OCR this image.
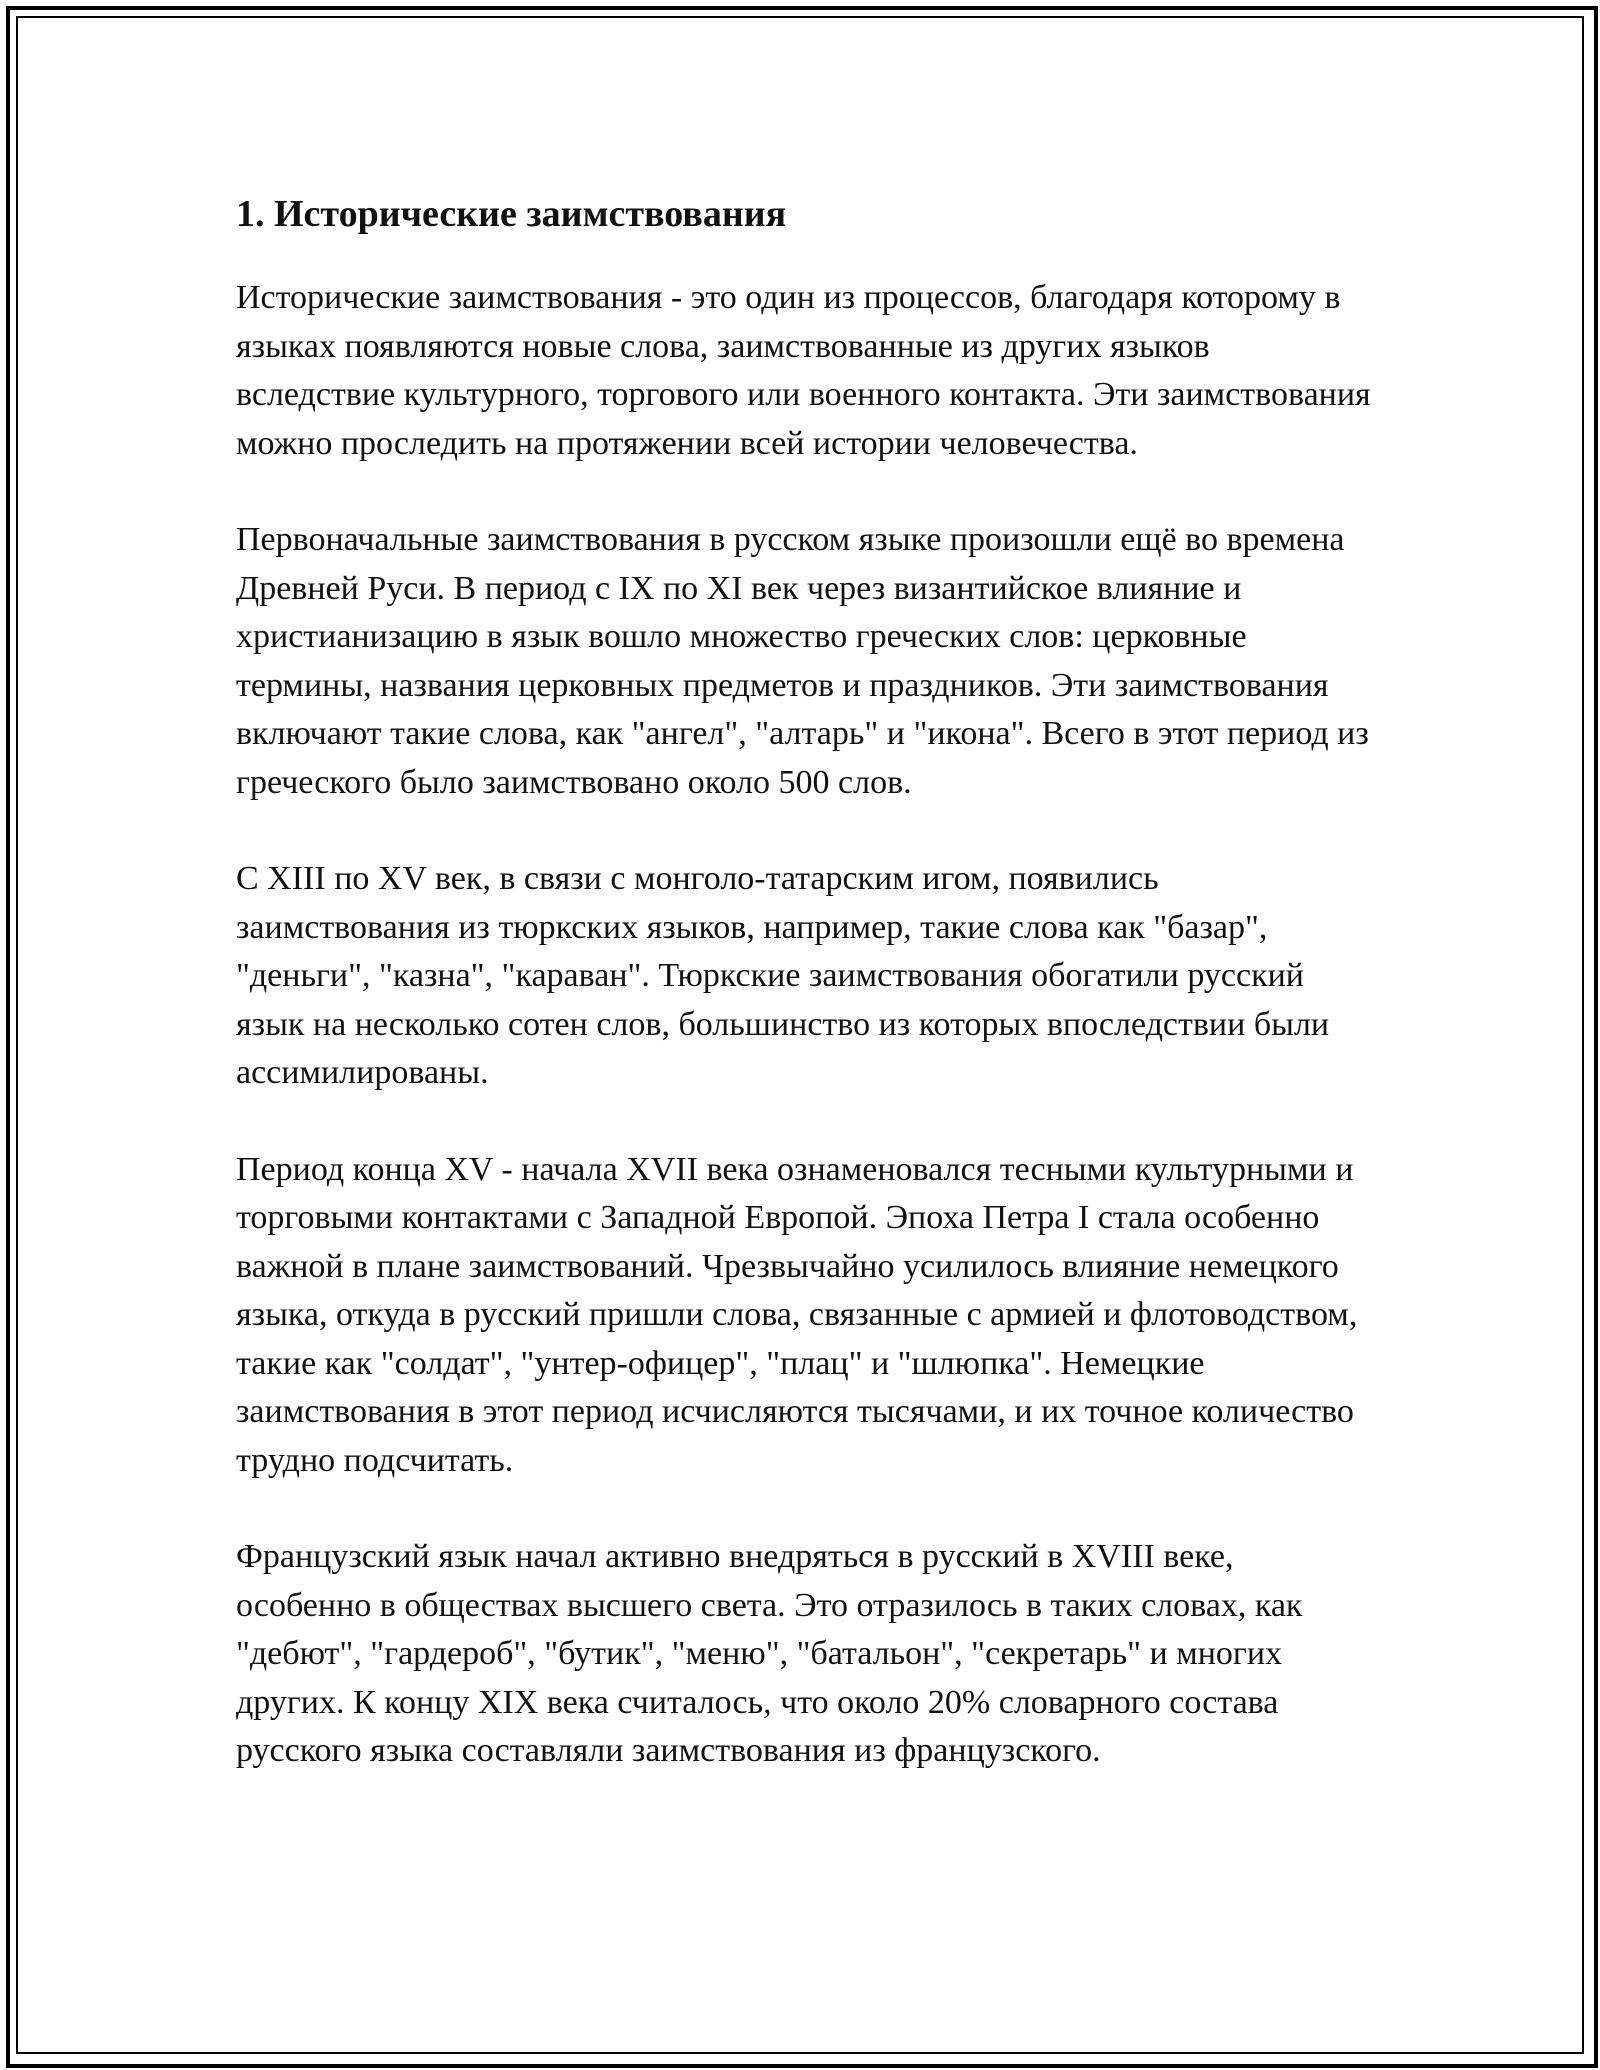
1. Исторические заимствования

Исторические заимствования - это один из процессов, благодаря которому в языках появляются новые слова, заимствованные из других языков вследствие культурного, торгового или военного контакта. Эти заимствования можно проследить на протяжении всей истории человечества.

Первоначальные заимствования в русском языке произошли ещё во времена Древней Руси. В период с IX по XI век через византийское влияние и христианизацию в язык вошло множество греческих слов: церковные термины, названия церковных предметов и праздников. Эти заимствования включают такие слова, как "ангел", "алтарь" и "икона". Всего в этот период из греческого было заимствовано около 500 слов.

С XIII по XV век, в связи с монголо-татарским игом, появились заимствования из тюркских языков, например, такие слова как "базар", "деньги", "казна", "караван". Тюркские заимствования обогатили русский язык на несколько сотен слов, большинство из которых впоследствии были ассимилированы.

Период конца XV - начала XVII века ознаменовался тесными культурными и торговыми контактами с Западной Европой. Эпоха Петра I стала особенно важной в плане заимствований. Чрезвычайно усилилось влияние немецкого языка, откуда в русский пришли слова, связанные с армией и флотоводством, такие как "солдат", "унтер-офицер", "плац" и "шлюпка". Немецкие заимствования в этот период исчисляются тысячами, и их точное количество трудно подсчитать.

Французский язык начал активно внедряться в русский в XVIII веке, особенно в обществах высшего света. Это отразилось в таких словах, как "дебют", "гардероб", "бутик", "меню", "батальон", "секретарь" и многих других. К концу XIX века считалось, что около 20% словарного состава русского языка составляли заимствования из французского.
